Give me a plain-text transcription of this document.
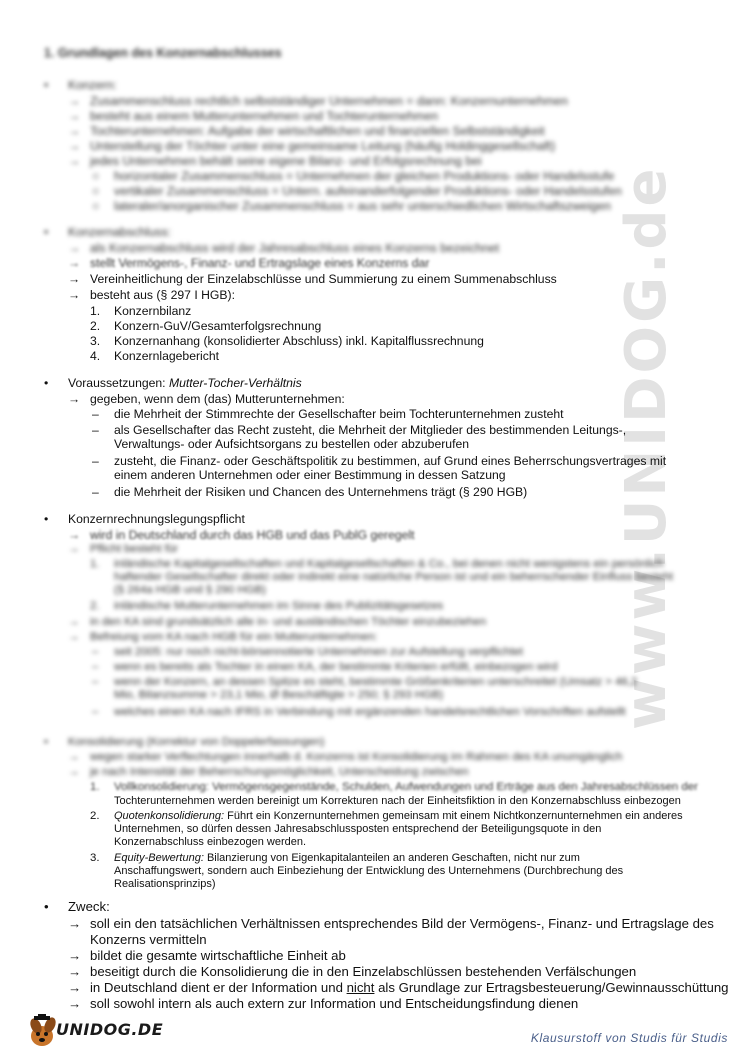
www.UNIDOG.de
1. Grundlagen des Konzernabschlusses
• Konzern:
→ Zusammenschluss rechtlich selbstständiger Unternehmen = dann: Konzernunternehmen
→ besteht aus einem Mutterunternehmen und Tochterunternehmen
→ Tochterunternehmen: Aufgabe der wirtschaftlichen und finanziellen Selbstständigkeit
→ Unterstellung der Töchter unter eine gemeinsame Leitung (häufig Holdinggesellschaft)
→ jedes Unternehmen behält seine eigene Bilanz- und Erfolgsrechnung bei
○ horizontaler Zusammenschluss = Unternehmen der gleichen Produktions- oder Handelsstufe
○ vertikaler Zusammenschluss = Untern. aufeinanderfolgender Produktions- oder Handelsstufen
○ lateraler/anorganischer Zusammenschluss = aus sehr unterschiedlichen Wirtschaftszweigen
• Konzernabschluss:
→ als Konzernabschluss wird der Jahresabschluss eines Konzerns bezeichnet
→ stellt Vermögens-, Finanz- und Ertragslage eines Konzerns dar
→ Vereinheitlichung der Einzelabschlüsse und Summierung zu einem Summenabschluss
→ besteht aus (§ 297 I HGB):
1. Konzernbilanz
2. Konzern-GuV/Gesamterfolgsrechnung
3. Konzernanhang (konsolidierter Abschluss) inkl. Kapitalflussrechnung
4. Konzernlagebericht
• Voraussetzungen: Mutter-Tocher-Verhältnis
→ gegeben, wenn dem (das) Mutterunternehmen:
– die Mehrheit der Stimmrechte der Gesellschafter beim Tochterunternehmen zusteht
– als Gesellschafter das Recht zusteht, die Mehrheit der Mitglieder des bestimmenden Leitungs-, Verwaltungs- oder Aufsichtsorgans zu bestellen oder abzuberufen
– zusteht, die Finanz- oder Geschäftspolitik zu bestimmen, auf Grund eines Beherrschungsvertrages mit einem anderen Unternehmen oder einer Bestimmung in dessen Satzung
– die Mehrheit der Risiken und Chancen des Unternehmens trägt (§ 290 HGB)
• Konzernrechnungslegungspflicht
→ wird in Deutschland durch das HGB und das PublG geregelt
→ Pflicht besteht für
1. inländische Kapitalgesellschaften und Kapitalgesellschaften & Co., bei denen nicht wenigstens ein persönlich haftender Gesellschafter direkt oder indirekt eine natürliche Person ist und ein beherrschender Einfluss besteht (§ 264a HGB und § 290 HGB)
2. inländische Mutterunternehmen im Sinne des Publizitätsgesetzes
→ in den KA sind grundsätzlich alle in- und ausländischen Töchter einzubeziehen
→ Befreiung vom KA nach HGB für ein Mutterunternehmen:
– seit 2005: nur noch nicht-börsennotierte Unternehmen zur Aufstellung verpflichtet
– wenn es bereits als Tochter in einen KA, der bestimmte Kriterien erfüllt, einbezogen wird
– wenn der Konzern, an dessen Spitze es steht, bestimmte Größenkriterien unterschreitet (Umsatz > 46,2 Mio, Bilanzsumme > 23,1 Mio, Ø Beschäftigte > 250; § 293 HGB)
– welches einen KA nach IFRS in Verbindung mit ergänzenden handelsrechtlichen Vorschriften aufstellt
• Konsolidierung (Korrektur von Doppelerfassungen)
→ wegen starker Verflechtungen innerhalb d. Konzerns ist Konsolidierung im Rahmen des KA unumgänglich
→ je nach Intensität der Beherrschungsmöglichkeit, Unterscheidung zwischen
1. Vollkonsolidierung: Vermögensgegenstände, Schulden, Aufwendungen und Erträge aus den Jahresabschlüssen der
Tochterunternehmen werden bereinigt um Korrekturen nach der Einheitsfiktion in den Konzernabschluss einbezogen
2. Quotenkonsolidierung: Führt ein Konzernunternehmen gemeinsam mit einem Nichtkonzernunternehmen ein anderes
Unternehmen, so dürfen dessen Jahresabschlussposten entsprechend der Beteiligungsquote in den
Konzernabschluss einbezogen werden.
3. Equity-Bewertung: Bilanzierung von Eigenkapitalanteilen an anderen Geschaften, nicht nur zum
Anschaffungswert, sondern auch Einbeziehung der Entwicklung des Unternehmens (Durchbrechung des
Realisationsprinzips)
• Zweck:
→ soll ein den tatsächlichen Verhältnissen entsprechendes Bild der Vermögens-, Finanz- und Ertragslage des
Konzerns vermitteln
→ bildet die gesamte wirtschaftliche Einheit ab
→ beseitigt durch die Konsolidierung die in den Einzelabschlüssen bestehenden Verfälschungen
→ in Deutschland dient er der Information und nicht als Grundlage zur Ertragsbesteuerung/Gewinnausschüttung
→ soll sowohl intern als auch extern zur Information und Entscheidungsfindung dienen
UNIDOG.DE	Klausurstoff von Studis für Studis
